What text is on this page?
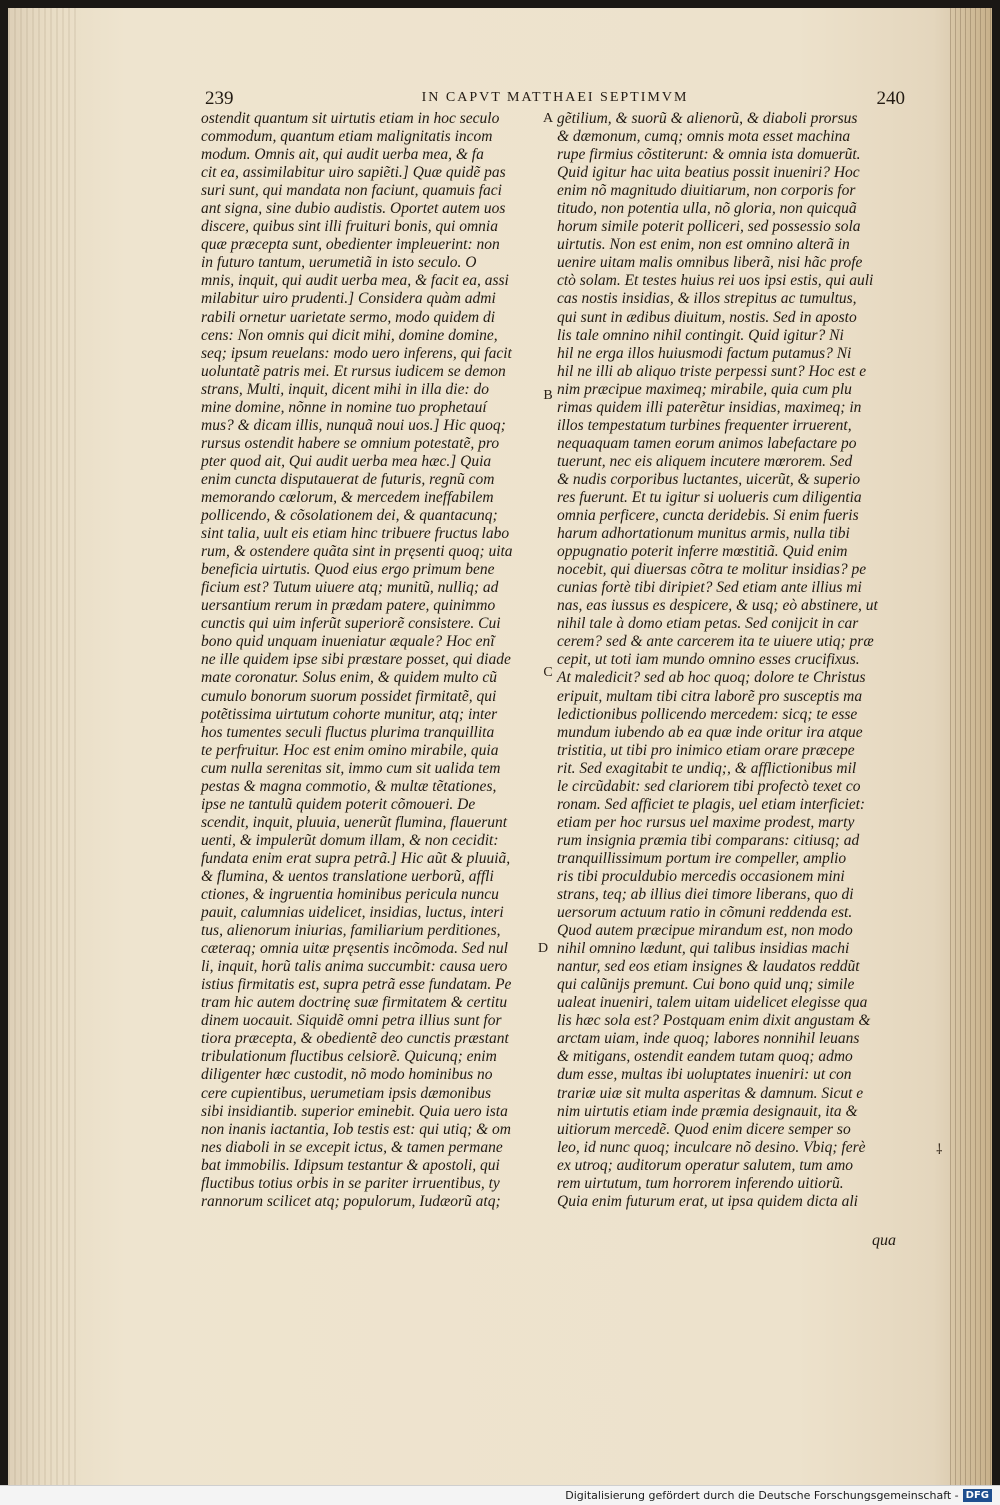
239	IN CAPVT MATTHAEI SEPTIMVM	240
ostendit quantum sit uirtutis etiam in hoc seculo
commodum, quantum etiam malignitatis incom
modum. Omnis ait, qui audit uerba mea, & fa
cit ea, assimilabitur uiro sapiẽti.] Quæ quidẽ pas
suri sunt, qui mandata non faciunt, quamuis faci
ant signa, sine dubio audistis. Oportet autem uos
discere, quibus sint illi fruituri bonis, qui omnia
quæ præcepta sunt, obedienter impleuerint: non
in futuro tantum, uerumetiã in isto seculo. O
mnis, inquit, qui audit uerba mea, & facit ea, assi
milabitur uiro prudenti.] Considera quàm admi
rabili ornetur uarietate sermo, modo quidem di
cens: Non omnis qui dicit mihi, domine domine,
seq; ipsum reuelans: modo uero inferens, qui facit
uoluntatẽ patris mei. Et rursus iudicem se demon
strans, Multi, inquit, dicent mihi in illa die: do
mine domine, nõnne in nomine tuo prophetauí
mus? & dicam illis, nunquã noui uos.] Hic quoq;
rursus ostendit habere se omnium potestatẽ, pro
pter quod ait, Qui audit uerba mea hæc.] Quia
enim cuncta disputauerat de futuris, regnũ com
memorando cœlorum, & mercedem ineffabilem
pollicendo, & cõsolationem dei, & quantacunq;
sint talia, uult eis etiam hinc tribuere fructus labo
rum, & ostendere quãta sint in pręsenti quoq; uita
beneficia uirtutis. Quod eius ergo primum bene
ficium est? Tutum uiuere atq; munitũ, nulliq; ad
uersantium rerum in prædam patere, quinimmo
cunctis qui uim inferũt superiorẽ consistere. Cui
bono quid unquam inueniatur æquale? Hoc enĩ
ne ille quidem ipse sibi præstare posset, qui diade
mate coronatur. Solus enim, & quidem multo cũ
cumulo bonorum suorum possidet firmitatẽ, qui
potẽtissima uirtutum cohorte munitur, atq; inter
hos tumentes seculi fluctus plurima tranquillita
te perfruitur. Hoc est enim omino mirabile, quia
cum nulla serenitas sit, immo cum sit ualida tem
pestas & magna commotio, & multæ tẽtationes,
ipse ne tantulũ quidem poterit cõmoueri. De
scendit, inquit, pluuia, uenerũt flumina, flauerunt
uenti, & impulerũt domum illam, & non cecidit:
fundata enim erat supra petrã.] Hic aũt & pluuiã,
& flumina, & uentos translatione uerborũ, affli
ctiones, & ingruentia hominibus pericula nuncu
pauit, calumnias uidelicet, insidias, luctus, interi
tus, alienorum iniurias, familiarium perditiones,
cæteraq; omnia uitæ pręsentis incõmoda. Sed nul
li, inquit, horũ talis anima succumbit: causa uero
istius firmitatis est, supra petrã esse fundatam. Pe
tram hic autem doctrinę suæ firmitatem & certitu
dinem uocauit. Siquidẽ omni petra illius sunt for
tiora præcepta, & obedientẽ deo cunctis præstant
tribulationum fluctibus celsiorẽ. Quicunq; enim
diligenter hæc custodit, nõ modo hominibus no
cere cupientibus, uerumetiam ipsis dæmonibus
sibi insidiantib. superior eminebit. Quia uero ista
non inanis iactantia, Iob testis est: qui utiq; & om
nes diaboli in se excepit ictus, & tamen permane
bat immobilis. Idipsum testantur & apostoli, qui
fluctibus totius orbis in se pariter irruentibus, ty
rannorum scilicet atq; populorum, Iudæorũ atq;
gẽtilium, & suorũ & alienorũ, & diaboli prorsus
& dæmonum, cumq; omnis mota esset machina
rupe firmius cõstiterunt: & omnia ista domuerũt.
Quid igitur hac uita beatius possit inueniri? Hoc
enim nõ magnitudo diuitiarum, non corporis for
titudo, non potentia ulla, nõ gloria, non quicquã
horum simile poterit polliceri, sed possessio sola
uirtutis. Non est enim, non est omnino alterã in
uenire uitam malis omnibus liberã, nisi hãc profe
ctò solam. Et testes huius rei uos ipsi estis, qui auli
cas nostis insidias, & illos strepitus ac tumultus,
qui sunt in ædibus diuitum, nostis. Sed in aposto
lis tale omnino nihil contingit. Quid igitur? Ni
hil ne erga illos huiusmodi factum putamus? Ni
hil ne illi ab aliquo triste perpessi sunt? Hoc est e
nim præcipue maximeq; mirabile, quia cum plu
rimas quidem illi paterẽtur insidias, maximeq; in
illos tempestatum turbines frequenter irruerent,
nequaquam tamen eorum animos labefactare po
tuerunt, nec eis aliquem incutere mœrorem. Sed
& nudis corporibus luctantes, uicerũt, & superio
res fuerunt. Et tu igitur si uolueris cum diligentia
omnia perficere, cuncta deridebis. Si enim fueris
harum adhortationum munitus armis, nulla tibi
oppugnatio poterit inferre mœstitiã. Quid enim
nocebit, qui diuersas cõtra te molitur insidias? pe
cunias fortè tibi diripiet? Sed etiam ante illius mi
nas, eas iussus es despicere, & usq; eò abstinere, ut
nihil tale à domo etiam petas. Sed conijcit in car
cerem? sed & ante carcerem ita te uiuere utiq; præ
cepit, ut toti iam mundo omnino esses crucifixus.
At maledicit? sed ab hoc quoq; dolore te Christus
eripuit, multam tibi citra laborẽ pro susceptis ma
ledictionibus pollicendo mercedem: sicq; te esse
mundum iubendo ab ea quæ inde oritur ira atque
tristitia, ut tibi pro inimico etiam orare præcepe
rit. Sed exagitabit te undiq;, & afflictionibus mil
le circũdabit: sed clariorem tibi profectò texet co
ronam. Sed afficiet te plagis, uel etiam interficiet:
etiam per hoc rursus uel maxime prodest, marty
rum insignia præmia tibi comparans: citiusq; ad
tranquillissimum portum ire compeller, amplio
ris tibi proculdubio mercedis occasionem mini
strans, teq; ab illius diei timore liberans, quo di
uersorum actuum ratio in cõmuni reddenda est.
Quod autem præcipue mirandum est, non modo
nihil omnino lædunt, qui talibus insidias machi
nantur, sed eos etiam insignes & laudatos reddũt
qui calũnijs premunt. Cui bono quid unq; simile
ualeat inueniri, talem uitam uidelicet elegisse qua
lis hæc sola est? Postquam enim dixit angustam &
arctam uiam, inde quoq; labores nonnihil leuans
& mitigans, ostendit eandem tutam quoq; admo
dum esse, multas ibi uoluptates inueniri: ut con
trariæ uiæ sit multa asperitas & damnum. Sicut e
nim uirtutis etiam inde præmia designauit, ita &
uitiorum mercedẽ. Quod enim dicere semper so
leo, id nunc quoq; inculcare nõ desino. Vbiq; ferè
ex utroq; auditorum operatur salutem, tum amo
rem uirtutum, tum horrorem inferendo uitiorũ.
Quia enim futurum erat, ut ipsa quidem dicta ali
A
B
C
D
⸸
qua
Digitalisierung gefördert durch die Deutsche Forschungsgemeinschaft - DFG
